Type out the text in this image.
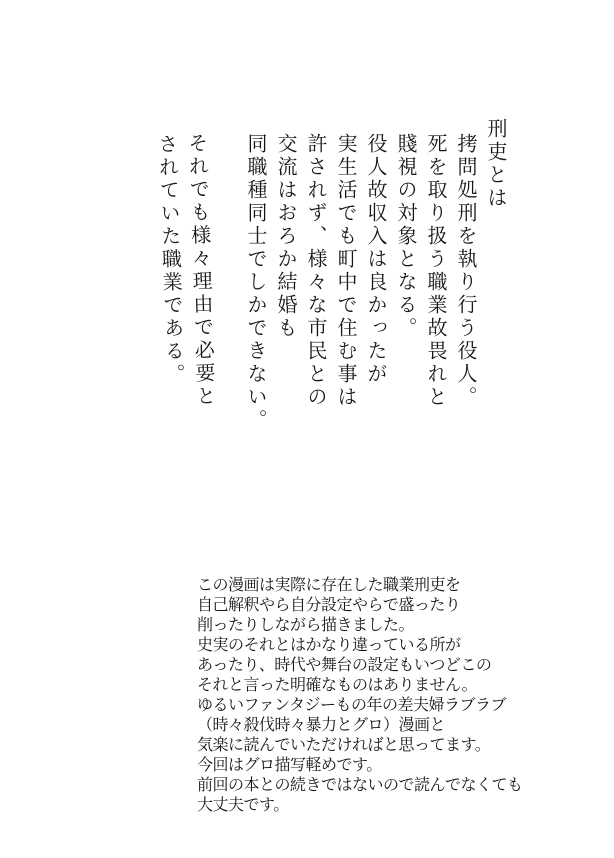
刑吏とは

拷問処刑を執り行う役人。

死を取り扱う職業故畏れと

賤視の対象となる。

役人故収入は良かったが

実生活でも町中で住む事は

許されず、様々な市民との

交流はおろか結婚も

同職種同士でしかできない。

それでも様々理由で必要と

されていた職業である。

この漫画は実際に存在した職業刑吏を

自己解釈やら自分設定やらで盛ったり

削ったりしながら描きました。

史実のそれとはかなり違っている所が

あったり、時代や舞台の設定もいつどこの

それと言った明確なものはありません。

ゆるいファンタジーもの年の差夫婦ラブラブ

（時々殺伐時々暴力とグロ）漫画と

気楽に読んでいただければと思ってます。

今回はグロ描写軽めです。

前回の本との続きではないので読んでなくても

大丈夫です。
